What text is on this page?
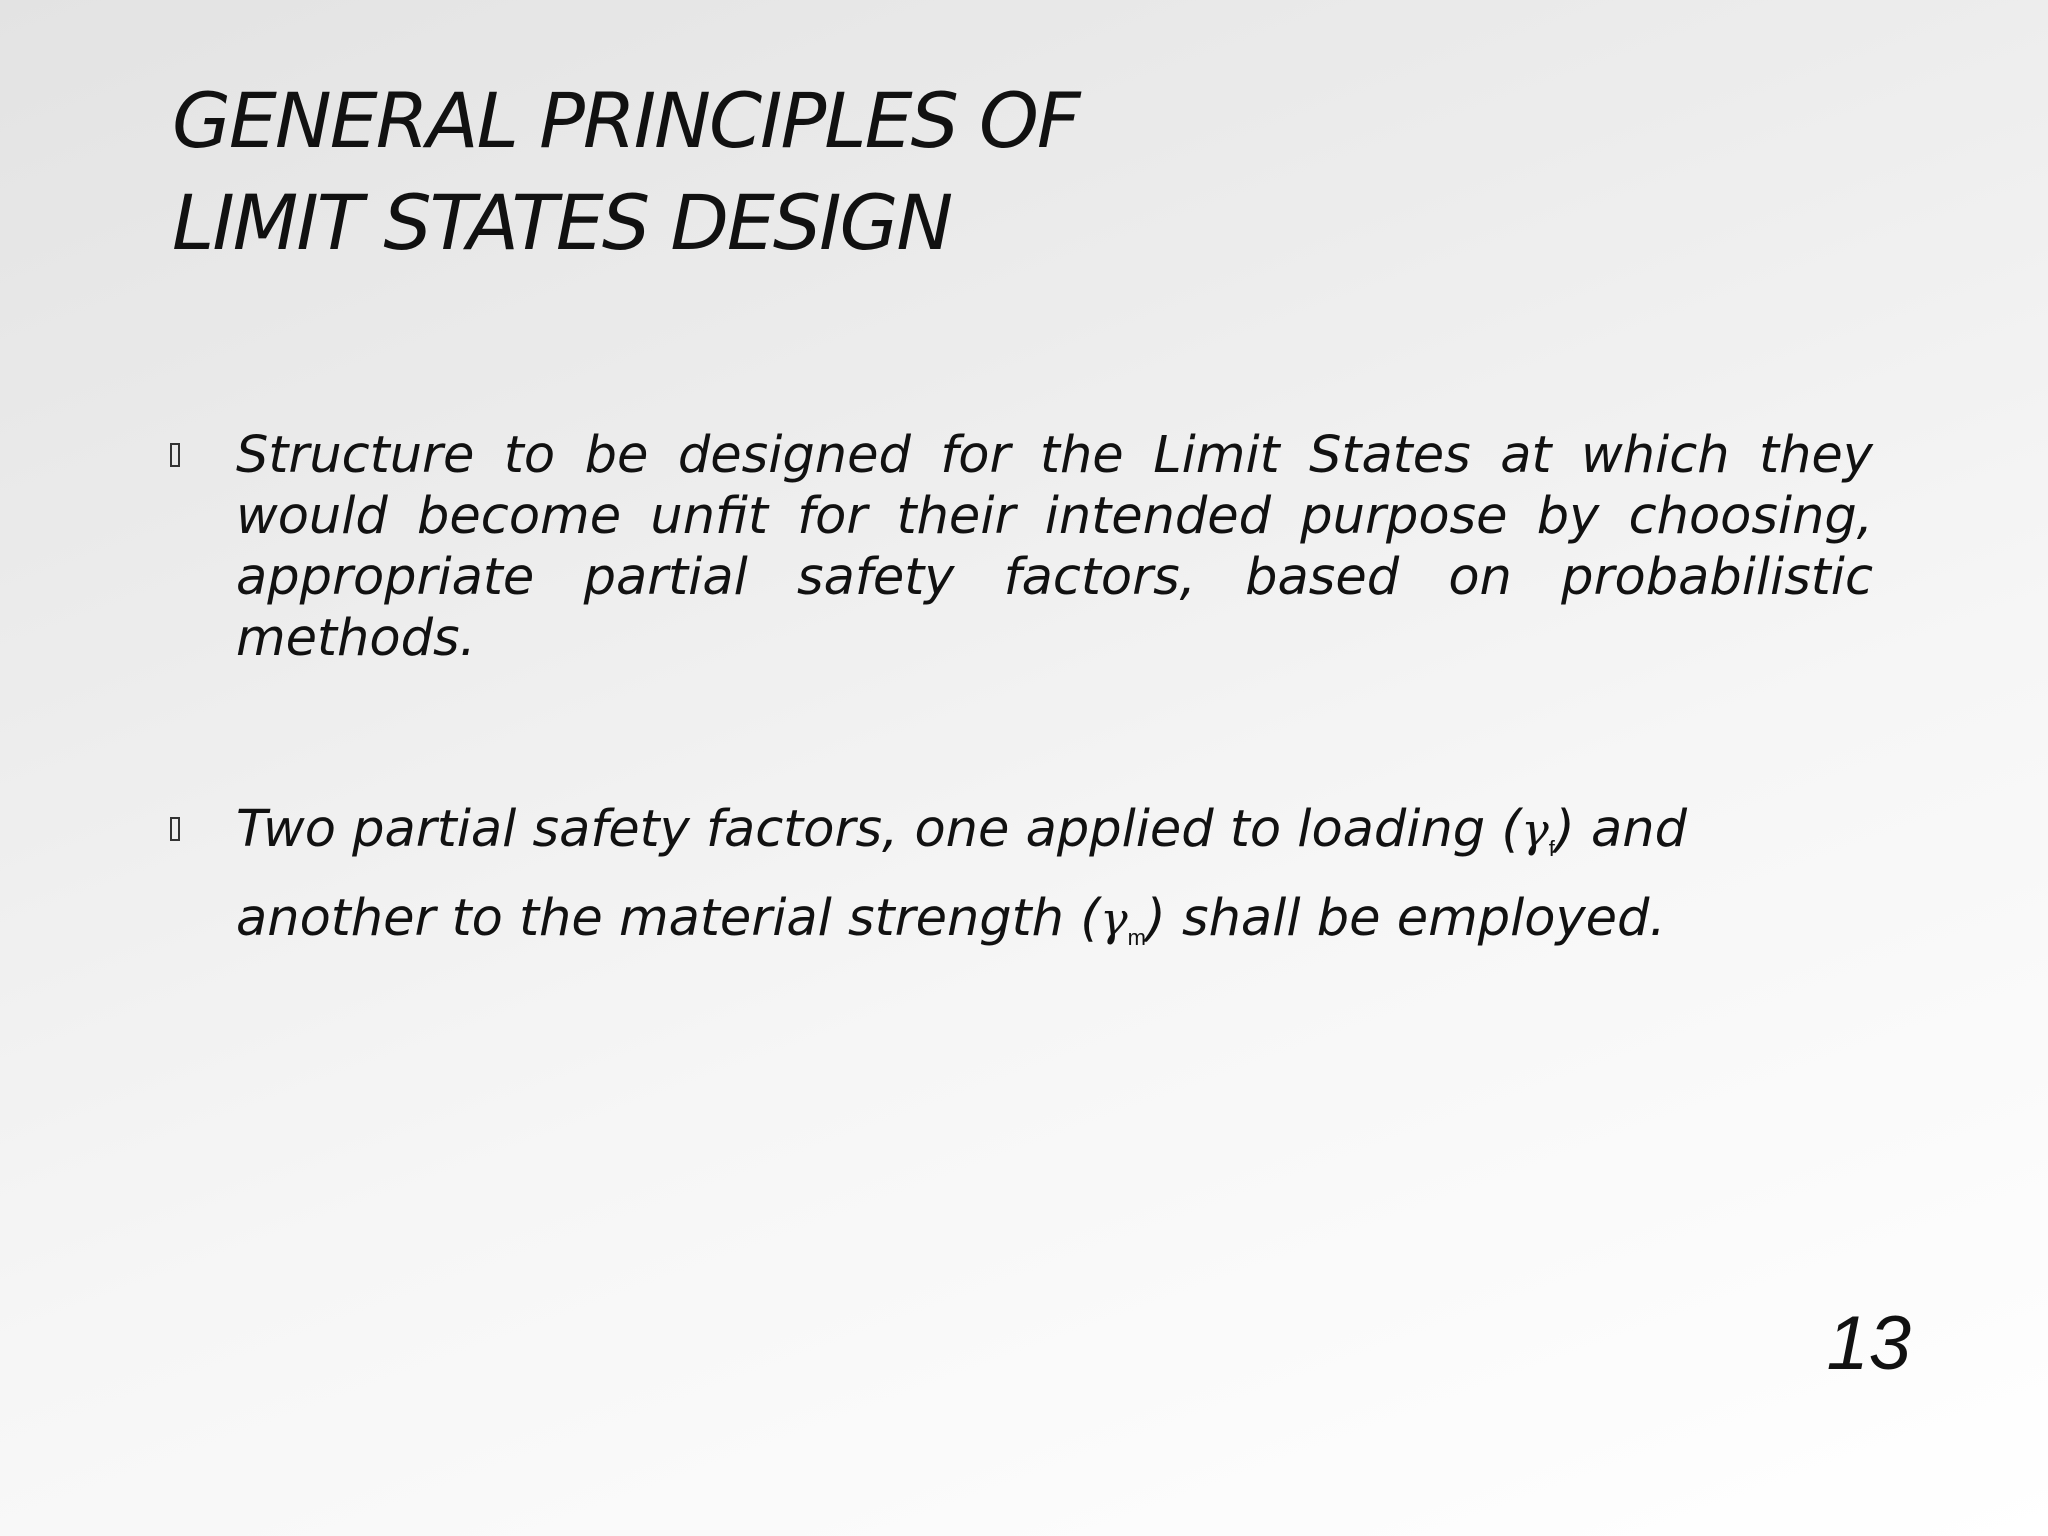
GENERAL PRINCIPLES OF
LIMIT STATES DESIGN
Structure to be designed for the Limit States at which they would become unfit for their intended purpose by choosing, appropriate partial safety factors, based on probabilistic methods.
Two partial safety factors, one applied to loading $(\gamma_f)$ and another to the material strength $(\gamma_m)$ shall be employed.
13
